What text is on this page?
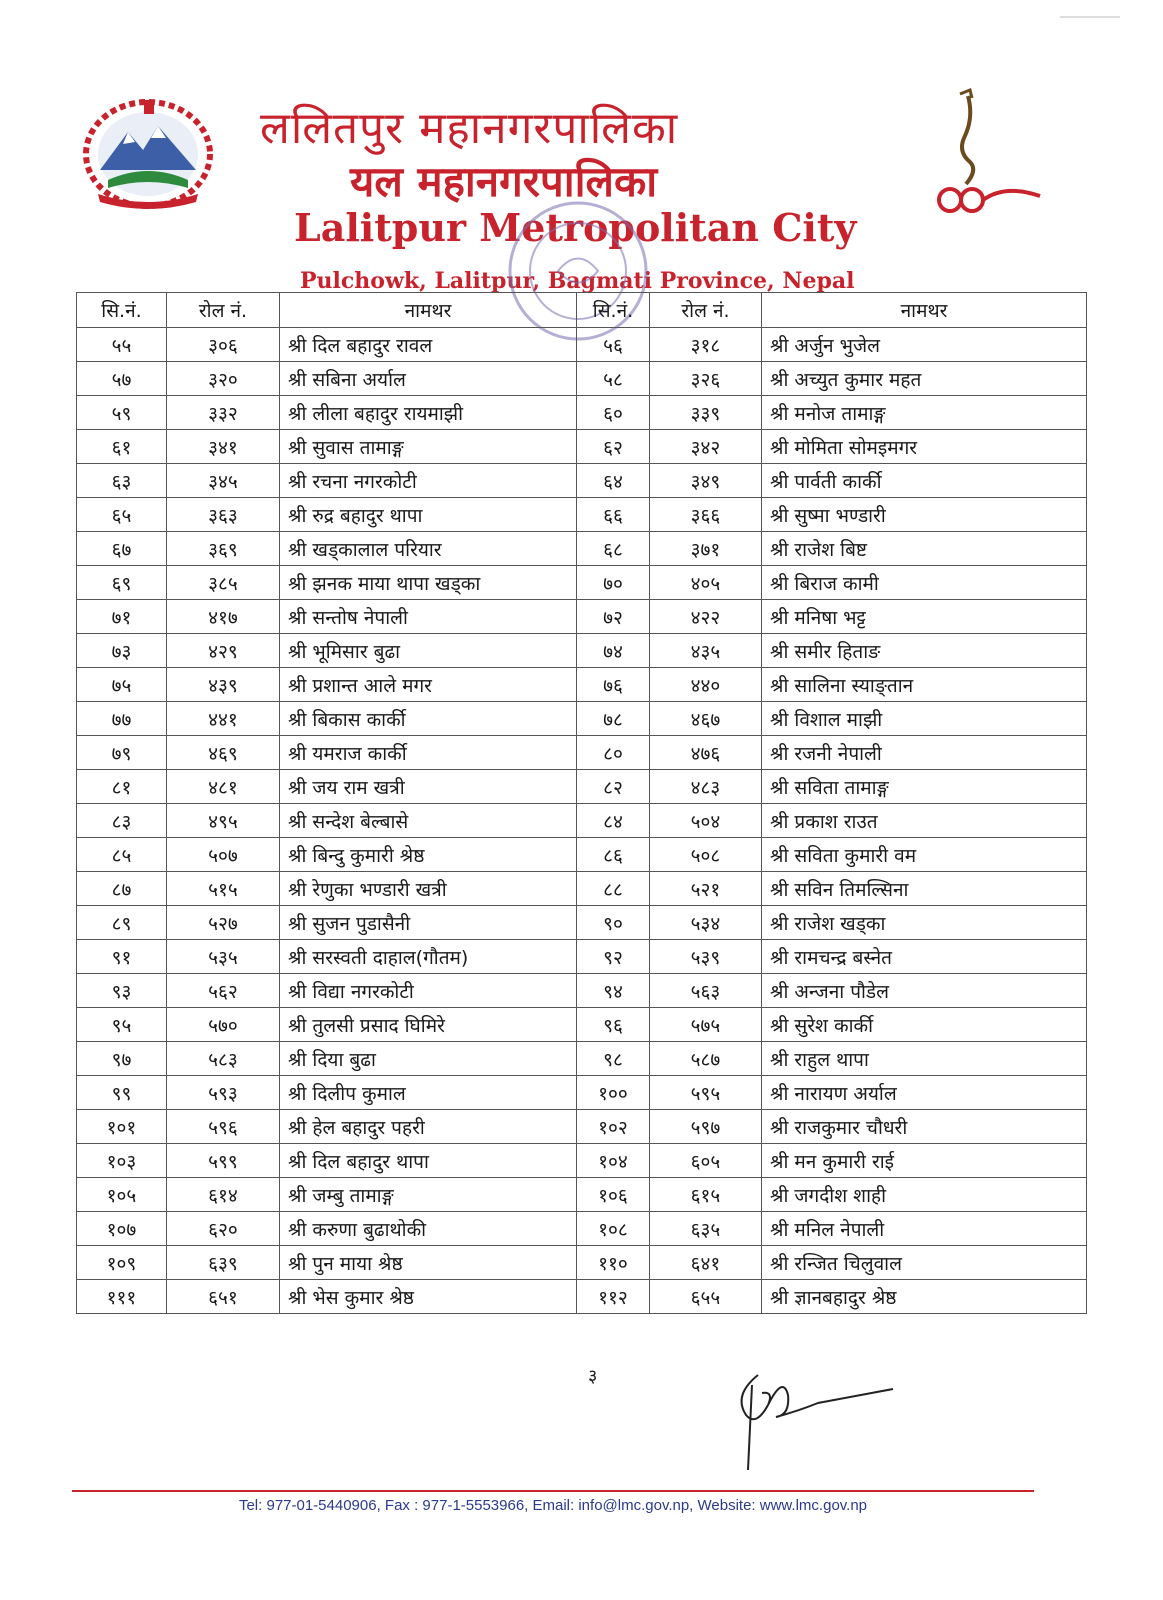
ललितपुर महानगरपालिका
यल महानगरपालिका
Lalitpur Metropolitan City
Pulchowk, Lalitpur, Bagmati Province, Nepal
सि.नं.	रोल नं.	नामथर	सि.नं.	रोल नं.	नामथर
५५	३०६	श्री दिल बहादुर रावल	५६	३१८	श्री अर्जुन भुजेल
५७	३२०	श्री सबिना अर्याल	५८	३२६	श्री अच्युत कुमार महत
५९	३३२	श्री लीला बहादुर रायमाझी	६०	३३९	श्री मनोज तामाङ्ग
६१	३४१	श्री सुवास तामाङ्ग	६२	३४२	श्री मोमिता सोमइमगर
६३	३४५	श्री रचना नगरकोटी	६४	३४९	श्री पार्वती कार्की
६५	३६३	श्री रुद्र बहादुर थापा	६६	३६६	श्री सुष्मा भण्डारी
६७	३६९	श्री खड्कालाल परियार	६८	३७१	श्री राजेश बिष्ट
६९	३८५	श्री झनक माया थापा खड्का	७०	४०५	श्री बिराज कामी
७१	४१७	श्री सन्तोष नेपाली	७२	४२२	श्री मनिषा भट्ट
७३	४२९	श्री भूमिसार बुढा	७४	४३५	श्री समीर हिताङ
७५	४३९	श्री प्रशान्त आले मगर	७६	४४०	श्री सालिना स्याङ्तान
७७	४४१	श्री बिकास कार्की	७८	४६७	श्री विशाल माझी
७९	४६९	श्री यमराज कार्की	८०	४७६	श्री रजनी नेपाली
८१	४८१	श्री जय राम खत्री	८२	४८३	श्री सविता तामाङ्ग
८३	४९५	श्री सन्देश बेल्बासे	८४	५०४	श्री प्रकाश राउत
८५	५०७	श्री बिन्दु कुमारी श्रेष्ठ	८६	५०८	श्री सविता कुमारी वम
८७	५१५	श्री रेणुका भण्डारी खत्री	८८	५२१	श्री सविन तिमल्सिना
८९	५२७	श्री सुजन पुडासैनी	९०	५३४	श्री राजेश खड्का
९१	५३५	श्री सरस्वती दाहाल(गौतम)	९२	५३९	श्री रामचन्द्र बस्नेत
९३	५६२	श्री विद्या नगरकोटी	९४	५६३	श्री अन्जना पौडेल
९५	५७०	श्री तुलसी प्रसाद घिमिरे	९६	५७५	श्री सुरेश कार्की
९७	५८३	श्री दिया बुढा	९८	५८७	श्री राहुल थापा
९९	५९३	श्री दिलीप कुमाल	१००	५९५	श्री नारायण अर्याल
१०१	५९६	श्री हेल बहादुर पहरी	१०२	५९७	श्री राजकुमार चौधरी
१०३	५९९	श्री दिल बहादुर थापा	१०४	६०५	श्री मन कुमारी राई
१०५	६१४	श्री जम्बु तामाङ्ग	१०६	६१५	श्री जगदीश शाही
१०७	६२०	श्री करुणा बुढाथोकी	१०८	६३५	श्री मनिल नेपाली
१०९	६३९	श्री पुन माया श्रेष्ठ	११०	६४१	श्री रन्जित चिलुवाल
१११	६५१	श्री भेस कुमार श्रेष्ठ	११२	६५५	श्री ज्ञानबहादुर श्रेष्ठ
३
Tel: 977-01-5440906, Fax : 977-1-5553966, Email: info@lmc.gov.np, Website: www.lmc.gov.np
